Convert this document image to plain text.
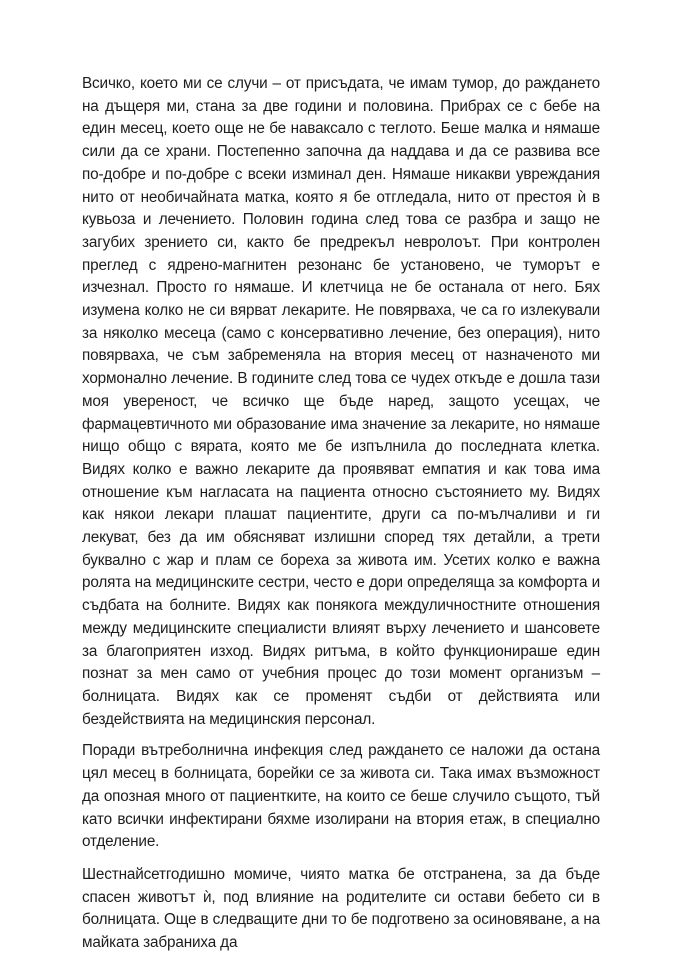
Всичко, което ми се случи – от присъдата, че имам тумор, до раждането на дъщеря ми, стана за две години и половина. Прибрах се с бебе на един месец, което още не бе наваксало с теглото. Беше малка и нямаше сили да се храни. Постепенно започна да наддава и да се развива все по-добре и по-добре с всеки изминал ден. Нямаше никакви увреждания нито от необичайната матка, която я бе отгледала, нито от престоя ѝ в кувьоза и лечението. Половин година след това се разбра и защо не загубих зрението си, както бе предрекъл невролоът. При контролен преглед с ядрено-магнитен резонанс бе установено, че туморът е изчезнал. Просто го нямаше. И клетчица не бе останала от него. Бях изумена колко не си вярват лекарите. Не повярваха, че са го излекували за няколко месеца (само с консервативно лечение, без операция), нито повярваха, че съм забременяла на втория месец от назначеното ми хормонално лечение. В годините след това се чудех откъде е дошла тази моя увереност, че всичко ще бъде наред, защото усещах, че фармацевтичното ми образование има значение за лекарите, но нямаше нищо общо с вярата, която ме бе изпълнила до последната клетка. Видях колко е важно лекарите да проявяват емпатия и как това има отношение към нагласата на пациента относно състоянието му. Видях как някои лекари плашат пациентите, други са по-мълчаливи и ги лекуват, без да им обясняват излишни според тях детайли, а трети буквално с жар и плам се бореха за живота им. Усетих колко е важна ролята на медицинските сестри, често е дори определяща за комфорта и съдбата на болните. Видях как понякога междуличностните отношения между медицинските специалисти влияят върху лечението и шансовете за благоприятен изход. Видях ритъма, в който функционираше един познат за мен само от учебния процес до този момент организъм – болницата. Видях как се променят съдби от действията или бездействията на медицинския персонал.

Поради вътреболнична инфекция след раждането се наложи да остана цял месец в болницата, борейки се за живота си. Така имах възможност да опозная много от пациентките, на които се беше случило същото, тъй като всички инфектирани бяхме изолирани на втория етаж, в специално отделение.

Шестнайсетгодишно момиче, чиято матка бе отстранена, за да бъде спасен животът ѝ, под влияние на родителите си остави бебето си в болницата. Още в следващите дни то бе подготвено за осиновяване, а на майката забраниха да
